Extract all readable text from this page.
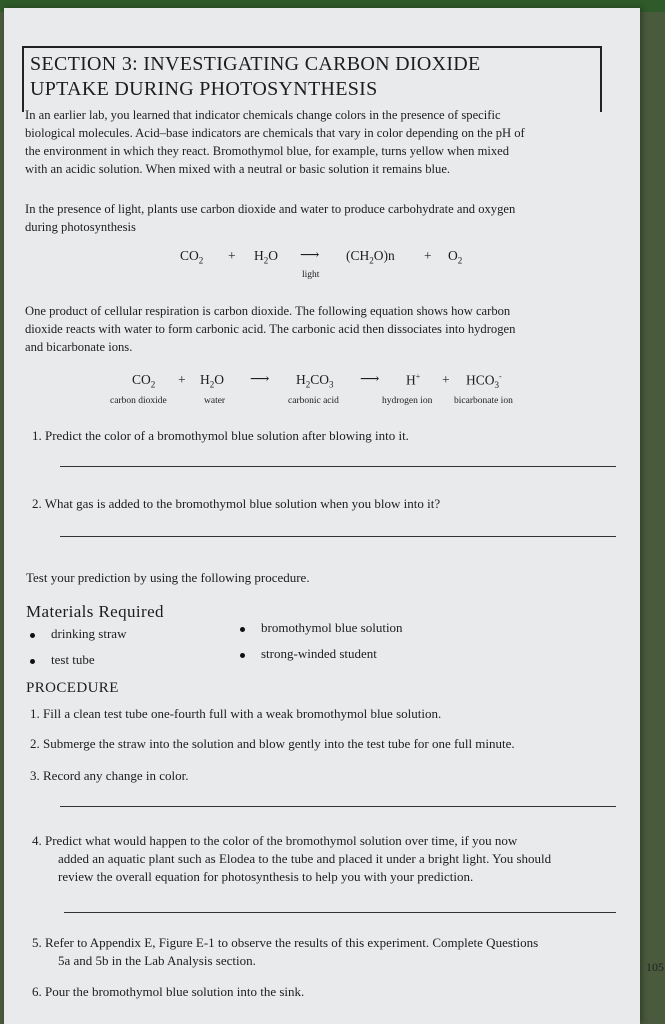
SECTION 3: INVESTIGATING CARBON DIOXIDE
UPTAKE DURING PHOTOSYNTHESIS
In an earlier lab, you learned that indicator chemicals change colors in the presence of specific
biological molecules. Acid–base indicators are chemicals that vary in color depending on the pH of
the environment in which they react. Bromothymol blue, for example, turns yellow when mixed
with an acidic solution. When mixed with a neutral or basic solution it remains blue.
In the presence of light, plants use carbon dioxide and water to produce carbohydrate and oxygen
during photosynthesis
$CO_2 + H_2O$ ⟶
light
$(CH_2O)n + O_2$
One product of cellular respiration is carbon dioxide. The following equation shows how carbon
dioxide reacts with water to form carbonic acid. The carbonic acid then dissociates into hydrogen
and bicarbonate ions.
$CO_2 + H_2O$ ⟶ $H_2CO_3$ ⟶ $H^+ + HCO_3^-$
carbon dioxide	water	carbonic acid	hydrogen ion bicarbonate ion
1. Predict the color of a bromothymol blue solution after blowing into it.
2. What gas is added to the bromothymol blue solution when you blow into it?
Test your prediction by using the following procedure.
Materials Required
drinking straw	bromothymol blue solution
test tube	strong-winded student
PROCEDURE
1. Fill a clean test tube one-fourth full with a weak bromothymol blue solution.
2. Submerge the straw into the solution and blow gently into the test tube for one full minute.
3. Record any change in color.
4. Predict what would happen to the color of the bromothymol solution over time, if you now
added an aquatic plant such as Elodea to the tube and placed it under a bright light. You should
review the overall equation for photosynthesis to help you with your prediction.
5. Refer to Appendix E, Figure E-1 to observe the results of this experiment. Complete Questions
5a and 5b in the Lab Analysis section.
6. Pour the bromothymol blue solution into the sink.
105
